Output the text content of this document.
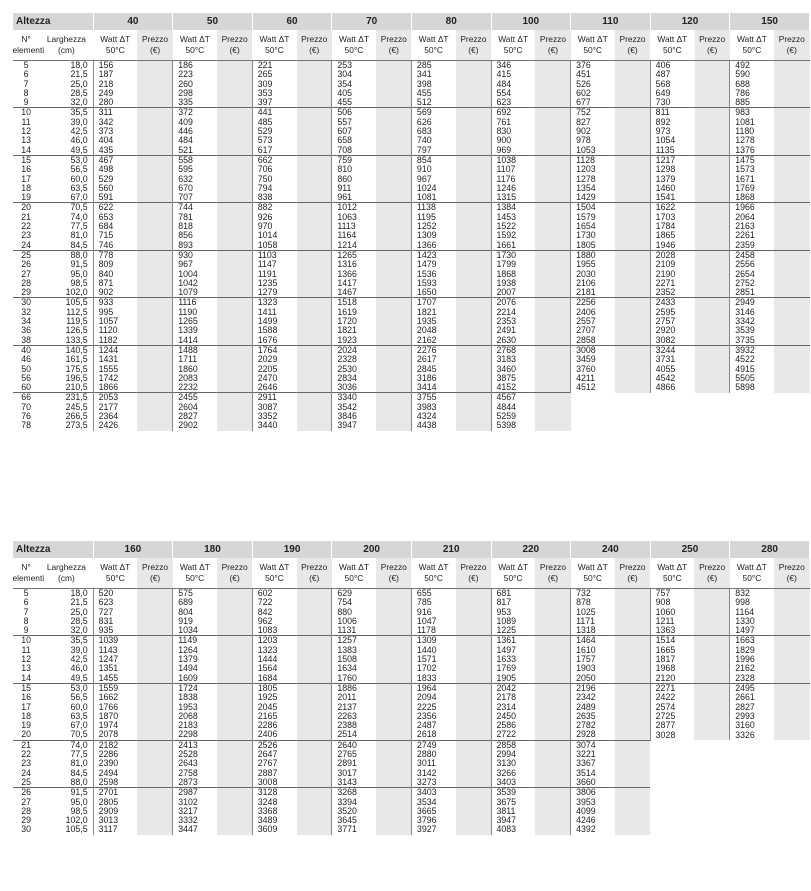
Altezza		40		50		60		70		80		100		110		120		150	
N° elementi	Larghezza (cm)	Watt ΔT 50°C	Prezzo (€)	Watt ΔT 50°C	Prezzo (€)	Watt ΔT 50°C	Prezzo (€)	Watt ΔT 50°C	Prezzo (€)	Watt ΔT 50°C	Prezzo (€)	Watt ΔT 50°C	Prezzo (€)	Watt ΔT 50°C	Prezzo (€)	Watt ΔT 50°C	Prezzo (€)	Watt ΔT 50°C	Prezzo (€)
5	18,0	156		186		221		253		285		346		376		406		492	
6	21,5	187		223		265		304		341		415		451		487		590	
7	25,0	218		260		309		354		398		484		526		568		688	
8	28,5	249		298		353		405		455		554		602		649		786	
9	32,0	280		335		397		455		512		623		677		730		885	
10	35,5	311		372		441		506		569		692		752		811		983	
11	39,0	342		409		485		557		626		761		827		892		1081	
12	42,5	373		446		529		607		683		830		902		973		1180	
13	46,0	404		484		573		658		740		900		978		1054		1278	
14	49,5	435		521		617		708		797		969		1053		1135		1376	
15	53,0	467		558		662		759		854		1038		1128		1217		1475	
16	56,5	498		595		706		810		910		1107		1203		1298		1573	
17	60,0	529		632		750		860		967		1176		1278		1379		1671	
18	63,5	560		670		794		911		1024		1246		1354		1460		1769	
19	67,0	591		707		838		961		1081		1315		1429		1541		1868	
20	70,5	622		744		882		1012		1138		1384		1504		1622		1966	
21	74,0	653		781		926		1063		1195		1453		1579		1703		2064	
22	77,5	684		818		970		1113		1252		1522		1654		1784		2163	
23	81,0	715		856		1014		1164		1309		1592		1730		1865		2261	
24	84,5	746		893		1058		1214		1366		1661		1805		1946		2359	
25	88,0	778		930		1103		1265		1423		1730		1880		2028		2458	
26	91,5	809		967		1147		1316		1479		1799		1955		2109		2556	
27	95,0	840		1004		1191		1366		1536		1868		2030		2190		2654	
28	98,5	871		1042		1235		1417		1593		1938		2106		2271		2752	
29	102,0	902		1079		1279		1467		1650		2007		2181		2352		2851	
30	105,5	933		1116		1323		1518		1707		2076		2256		2433		2949	
32	112,5	995		1190		1411		1619		1821		2214		2406		2595		3146	
34	119,5	1057		1265		1499		1720		1935		2353		2557		2757		3342	
36	126,5	1120		1339		1588		1821		2048		2491		2707		2920		3539	
38	133,5	1182		1414		1676		1923		2162		2630		2858		3082		3735	
40	140,5	1244		1488		1764		2024		2276		2768		3008		3244		3932	
46	161,5	1431		1711		2029		2328		2617		3183		3459		3731		4522	
50	175,5	1555		1860		2205		2530		2845		3460		3760		4055		4915	
56	196,5	1742		2083		2470		2834		3186		3875		4211		4542		5505	
60	210,5	1866		2232		2646		3036		3414		4152		4512		4866		5898	
66	231,5	2053		2455		2911		3340		3755		4567							
70	245,5	2177		2604		3087		3542		3983		4844							
76	266,5	2364		2827		3352		3846		4324		5259							
78	273,5	2426		2902		3440		3947		4438		5398							
Altezza		160		180		190		200		210		220		240		250		280	
N° elementi	Larghezza (cm)	Watt ΔT 50°C	Prezzo (€)	Watt ΔT 50°C	Prezzo (€)	Watt ΔT 50°C	Prezzo (€)	Watt ΔT 50°C	Prezzo (€)	Watt ΔT 50°C	Prezzo (€)	Watt ΔT 50°C	Prezzo (€)	Watt ΔT 50°C	Prezzo (€)	Watt ΔT 50°C	Prezzo (€)	Watt ΔT 50°C	Prezzo (€)
5	18,0	520		575		602		629		655		681		732		757		832	
6	21,5	623		689		722		754		785		817		878		908		998	
7	25,0	727		804		842		880		916		953		1025		1060		1164	
8	28,5	831		919		962		1006		1047		1089		1171		1211		1330	
9	32,0	935		1034		1083		1131		1178		1225		1318		1363		1497	
10	35,5	1039		1149		1203		1257		1309		1361		1464		1514		1663	
11	39,0	1143		1264		1323		1383		1440		1497		1610		1665		1829	
12	42,5	1247		1379		1444		1508		1571		1633		1757		1817		1996	
13	46,0	1351		1494		1564		1634		1702		1769		1903		1968		2162	
14	49,5	1455		1609		1684		1760		1833		1905		2050		2120		2328	
15	53,0	1559		1724		1805		1886		1964		2042		2196		2271		2495	
16	56,5	1662		1838		1925		2011		2094		2178		2342		2422		2661	
17	60,0	1766		1953		2045		2137		2225		2314		2489		2574		2827	
18	63,5	1870		2068		2165		2263		2356		2450		2635		2725		2993	
19	67,0	1974		2183		2286		2388		2487		2586		2782		2877		3160	
20	70,5	2078		2298		2406		2514		2618		2722		2928		3028		3326	
21	74,0	2182		2413		2526		2640		2749		2858		3074					
22	77,5	2286		2528		2647		2765		2880		2994		3221					
23	81,0	2390		2643		2767		2891		3011		3130		3367					
24	84,5	2494		2758		2887		3017		3142		3266		3514					
25	88,0	2598		2873		3008		3143		3273		3403		3660					
26	91,5	2701		2987		3128		3268		3403		3539		3806					
27	95,0	2805		3102		3248		3394		3534		3675		3953					
28	98,5	2909		3217		3368		3520		3665		3811		4099					
29	102,0	3013		3332		3489		3645		3796		3947		4246					
30	105,5	3117		3447		3609		3771		3927		4083		4392					
